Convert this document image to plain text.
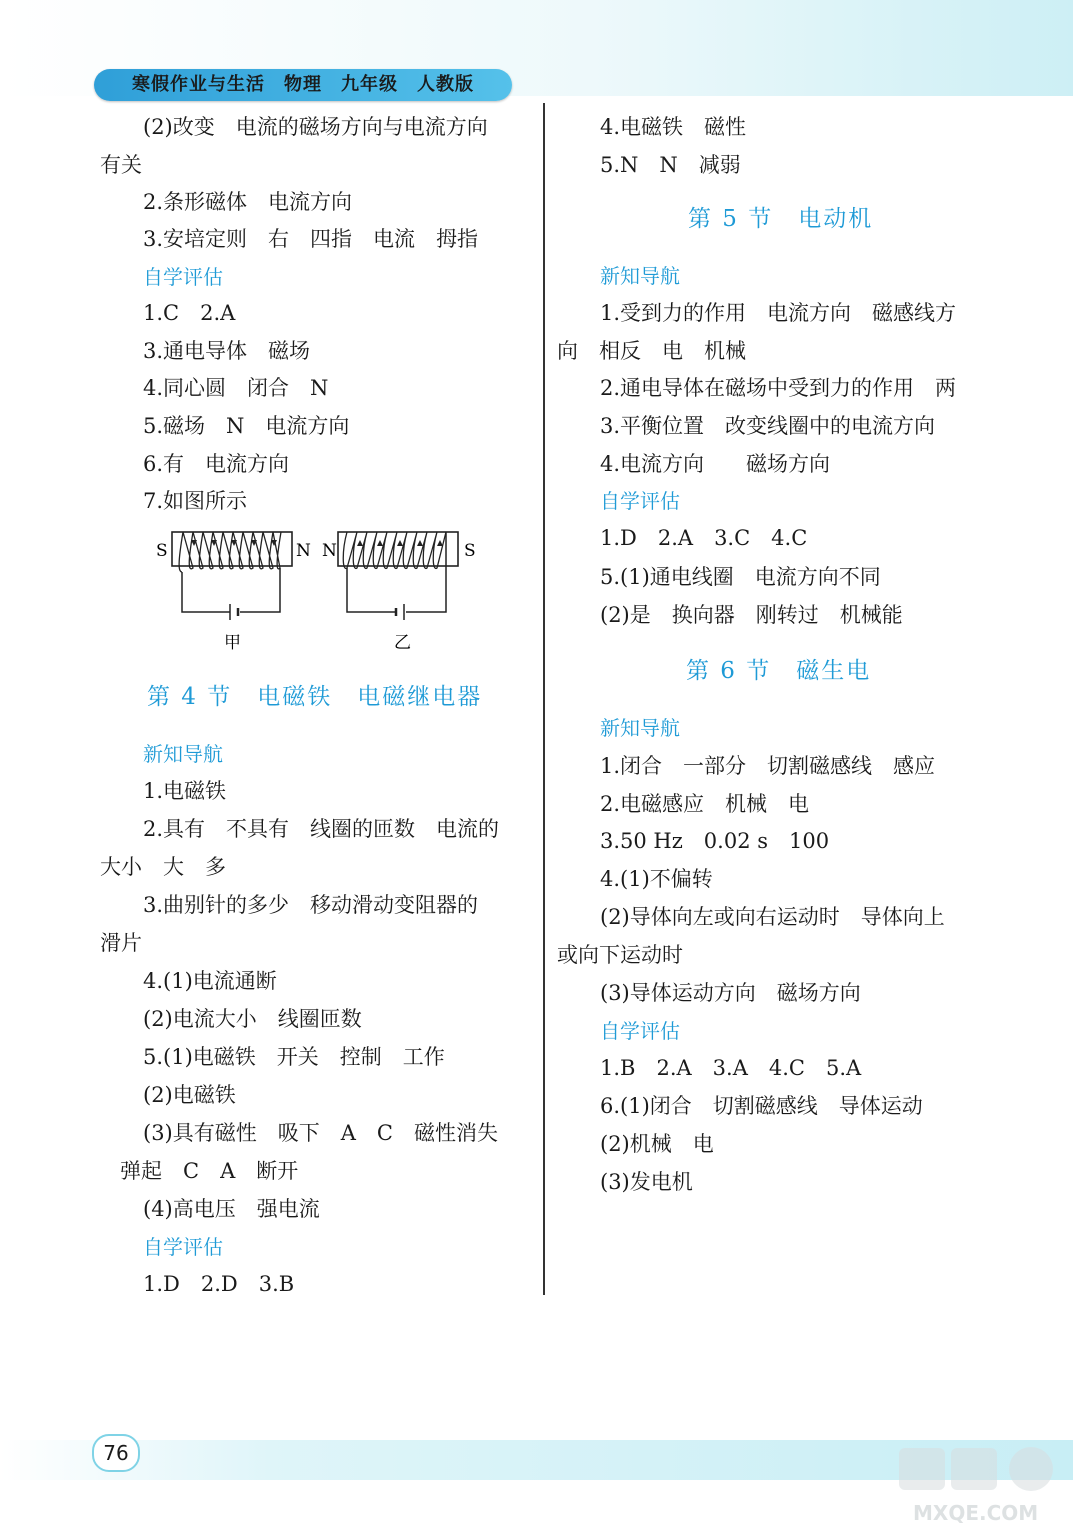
寒假作业与生活　物理　九年级　人教版
(2)改变　电流的磁场方向与电流方向
有关
2.条形磁体　电流方向
3.安培定则　右　四指　电流　拇指
自学评估
1.C　2.A
3.通电导体　磁场
4.同心圆　闭合　N
5.磁场　N　电流方向
6.有　电流方向
7.如图所示
S	N
甲
N	S
乙
第 4 节　电磁铁　电磁继电器
新知导航
1.电磁铁
2.具有　不具有　线圈的匝数　电流的
大小　大　多
3.曲别针的多少　移动滑动变阻器的
滑片
4.(1)电流通断
(2)电流大小　线圈匝数
5.(1)电磁铁　开关　控制　工作
(2)电磁铁
(3)具有磁性　吸下　A　C　磁性消失
弹起　C　A　断开
(4)高电压　强电流
自学评估
1.D　2.D　3.B
4.电磁铁　磁性
5.N　N　减弱
第 5 节　电动机
新知导航
1.受到力的作用　电流方向　磁感线方
向　相反　电　机械
2.通电导体在磁场中受到力的作用　两
3.平衡位置　改变线圈中的电流方向
4.电流方向　　磁场方向
自学评估
1.D　2.A　3.C　4.C
5.(1)通电线圈　电流方向不同
(2)是　换向器　刚转过　机械能
第 6 节　磁生电
新知导航
1.闭合　一部分　切割磁感线　感应
2.电磁感应　机械　电
3.50 Hz　0.02 s　100
4.(1)不偏转
(2)导体向左或向右运动时　导体向上
或向下运动时
(3)导体运动方向　磁场方向
自学评估
1.B　2.A　3.A　4.C　5.A
6.(1)闭合　切割磁感线　导体运动
(2)机械　电
(3)发电机
76
MXQE.COM
